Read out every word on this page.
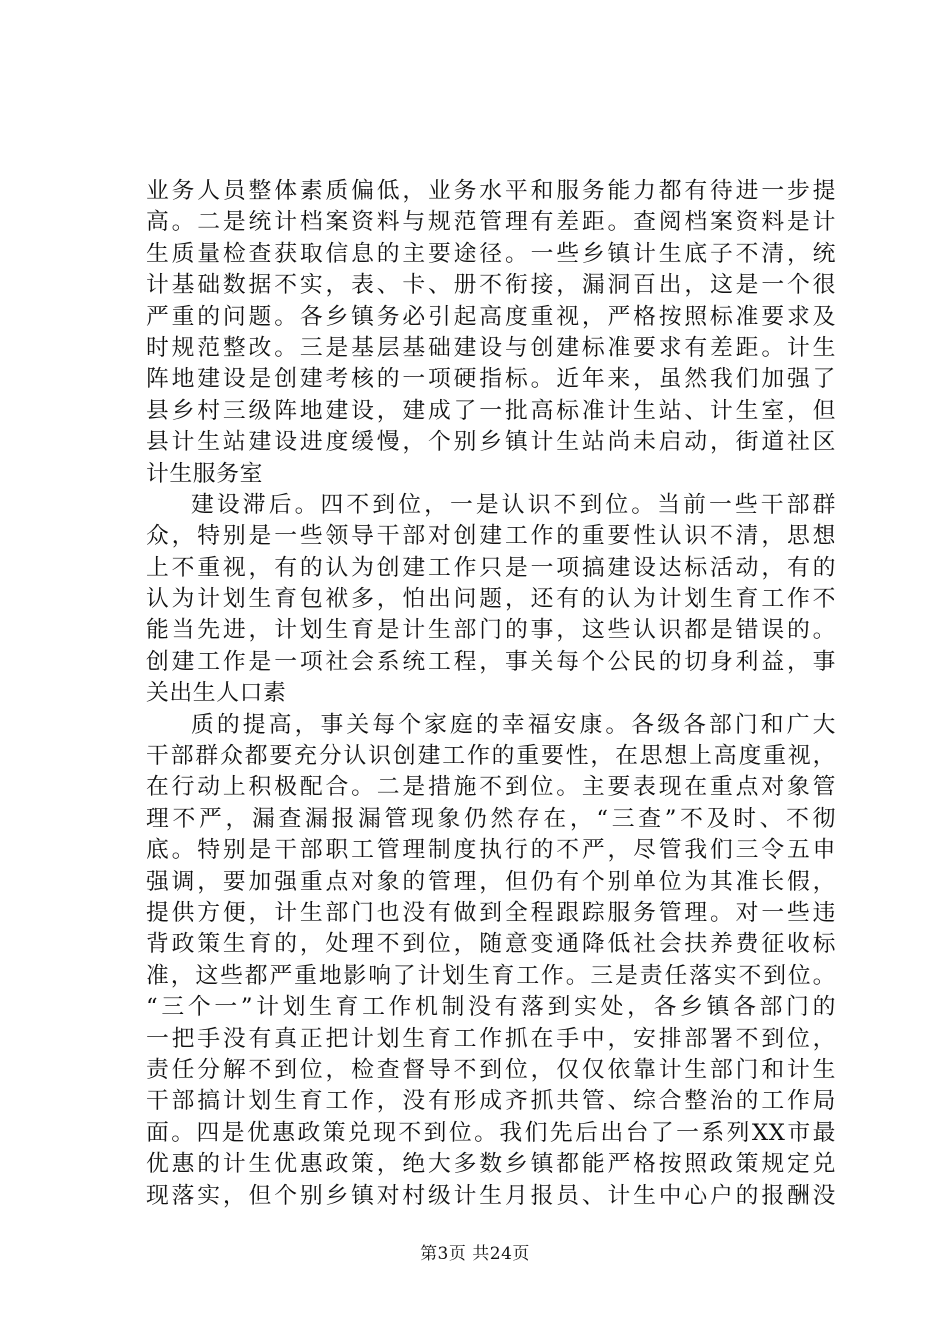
业务人员整体素质偏低，业务水平和服务能力都有待进一步提
高。二是统计档案资料与规范管理有差距。查阅档案资料是计
生质量检查获取信息的主要途径。一些乡镇计生底子不清，统
计基础数据不实，表、卡、册不衔接，漏洞百出，这是一个很
严重的问题。各乡镇务必引起高度重视，严格按照标准要求及
时规范整改。三是基层基础建设与创建标准要求有差距。计生
阵地建设是创建考核的一项硬指标。近年来，虽然我们加强了
县乡村三级阵地建设，建成了一批高标准计生站、计生室，但
县计生站建设进度缓慢，个别乡镇计生站尚未启动，街道社区
计生服务室
建设滞后。四不到位，一是认识不到位。当前一些干部群
众，特别是一些领导干部对创建工作的重要性认识不清，思想
上不重视，有的认为创建工作只是一项搞建设达标活动，有的
认为计划生育包袱多，怕出问题，还有的认为计划生育工作不
能当先进，计划生育是计生部门的事，这些认识都是错误的。
创建工作是一项社会系统工程，事关每个公民的切身利益，事
关出生人口素
质的提高，事关每个家庭的幸福安康。各级各部门和广大
干部群众都要充分认识创建工作的重要性，在思想上高度重视，
在行动上积极配合。二是措施不到位。主要表现在重点对象管
理不严，漏查漏报漏管现象仍然存在，“三查”不及时、不彻
底。特别是干部职工管理制度执行的不严，尽管我们三令五申
强调，要加强重点对象的管理，但仍有个别单位为其准长假，
提供方便，计生部门也没有做到全程跟踪服务管理。对一些违
背政策生育的，处理不到位，随意变通降低社会扶养费征收标
准，这些都严重地影响了计划生育工作。三是责任落实不到位。
“三个一”计划生育工作机制没有落到实处，各乡镇各部门的
一把手没有真正把计划生育工作抓在手中，安排部署不到位，
责任分解不到位，检查督导不到位，仅仅依靠计生部门和计生
干部搞计划生育工作，没有形成齐抓共管、综合整治的工作局
面。四是优惠政策兑现不到位。我们先后出台了一系列XX市最
优惠的计生优惠政策，绝大多数乡镇都能严格按照政策规定兑
现落实，但个别乡镇对村级计生月报员、计生中心户的报酬没
第3页 共24页
